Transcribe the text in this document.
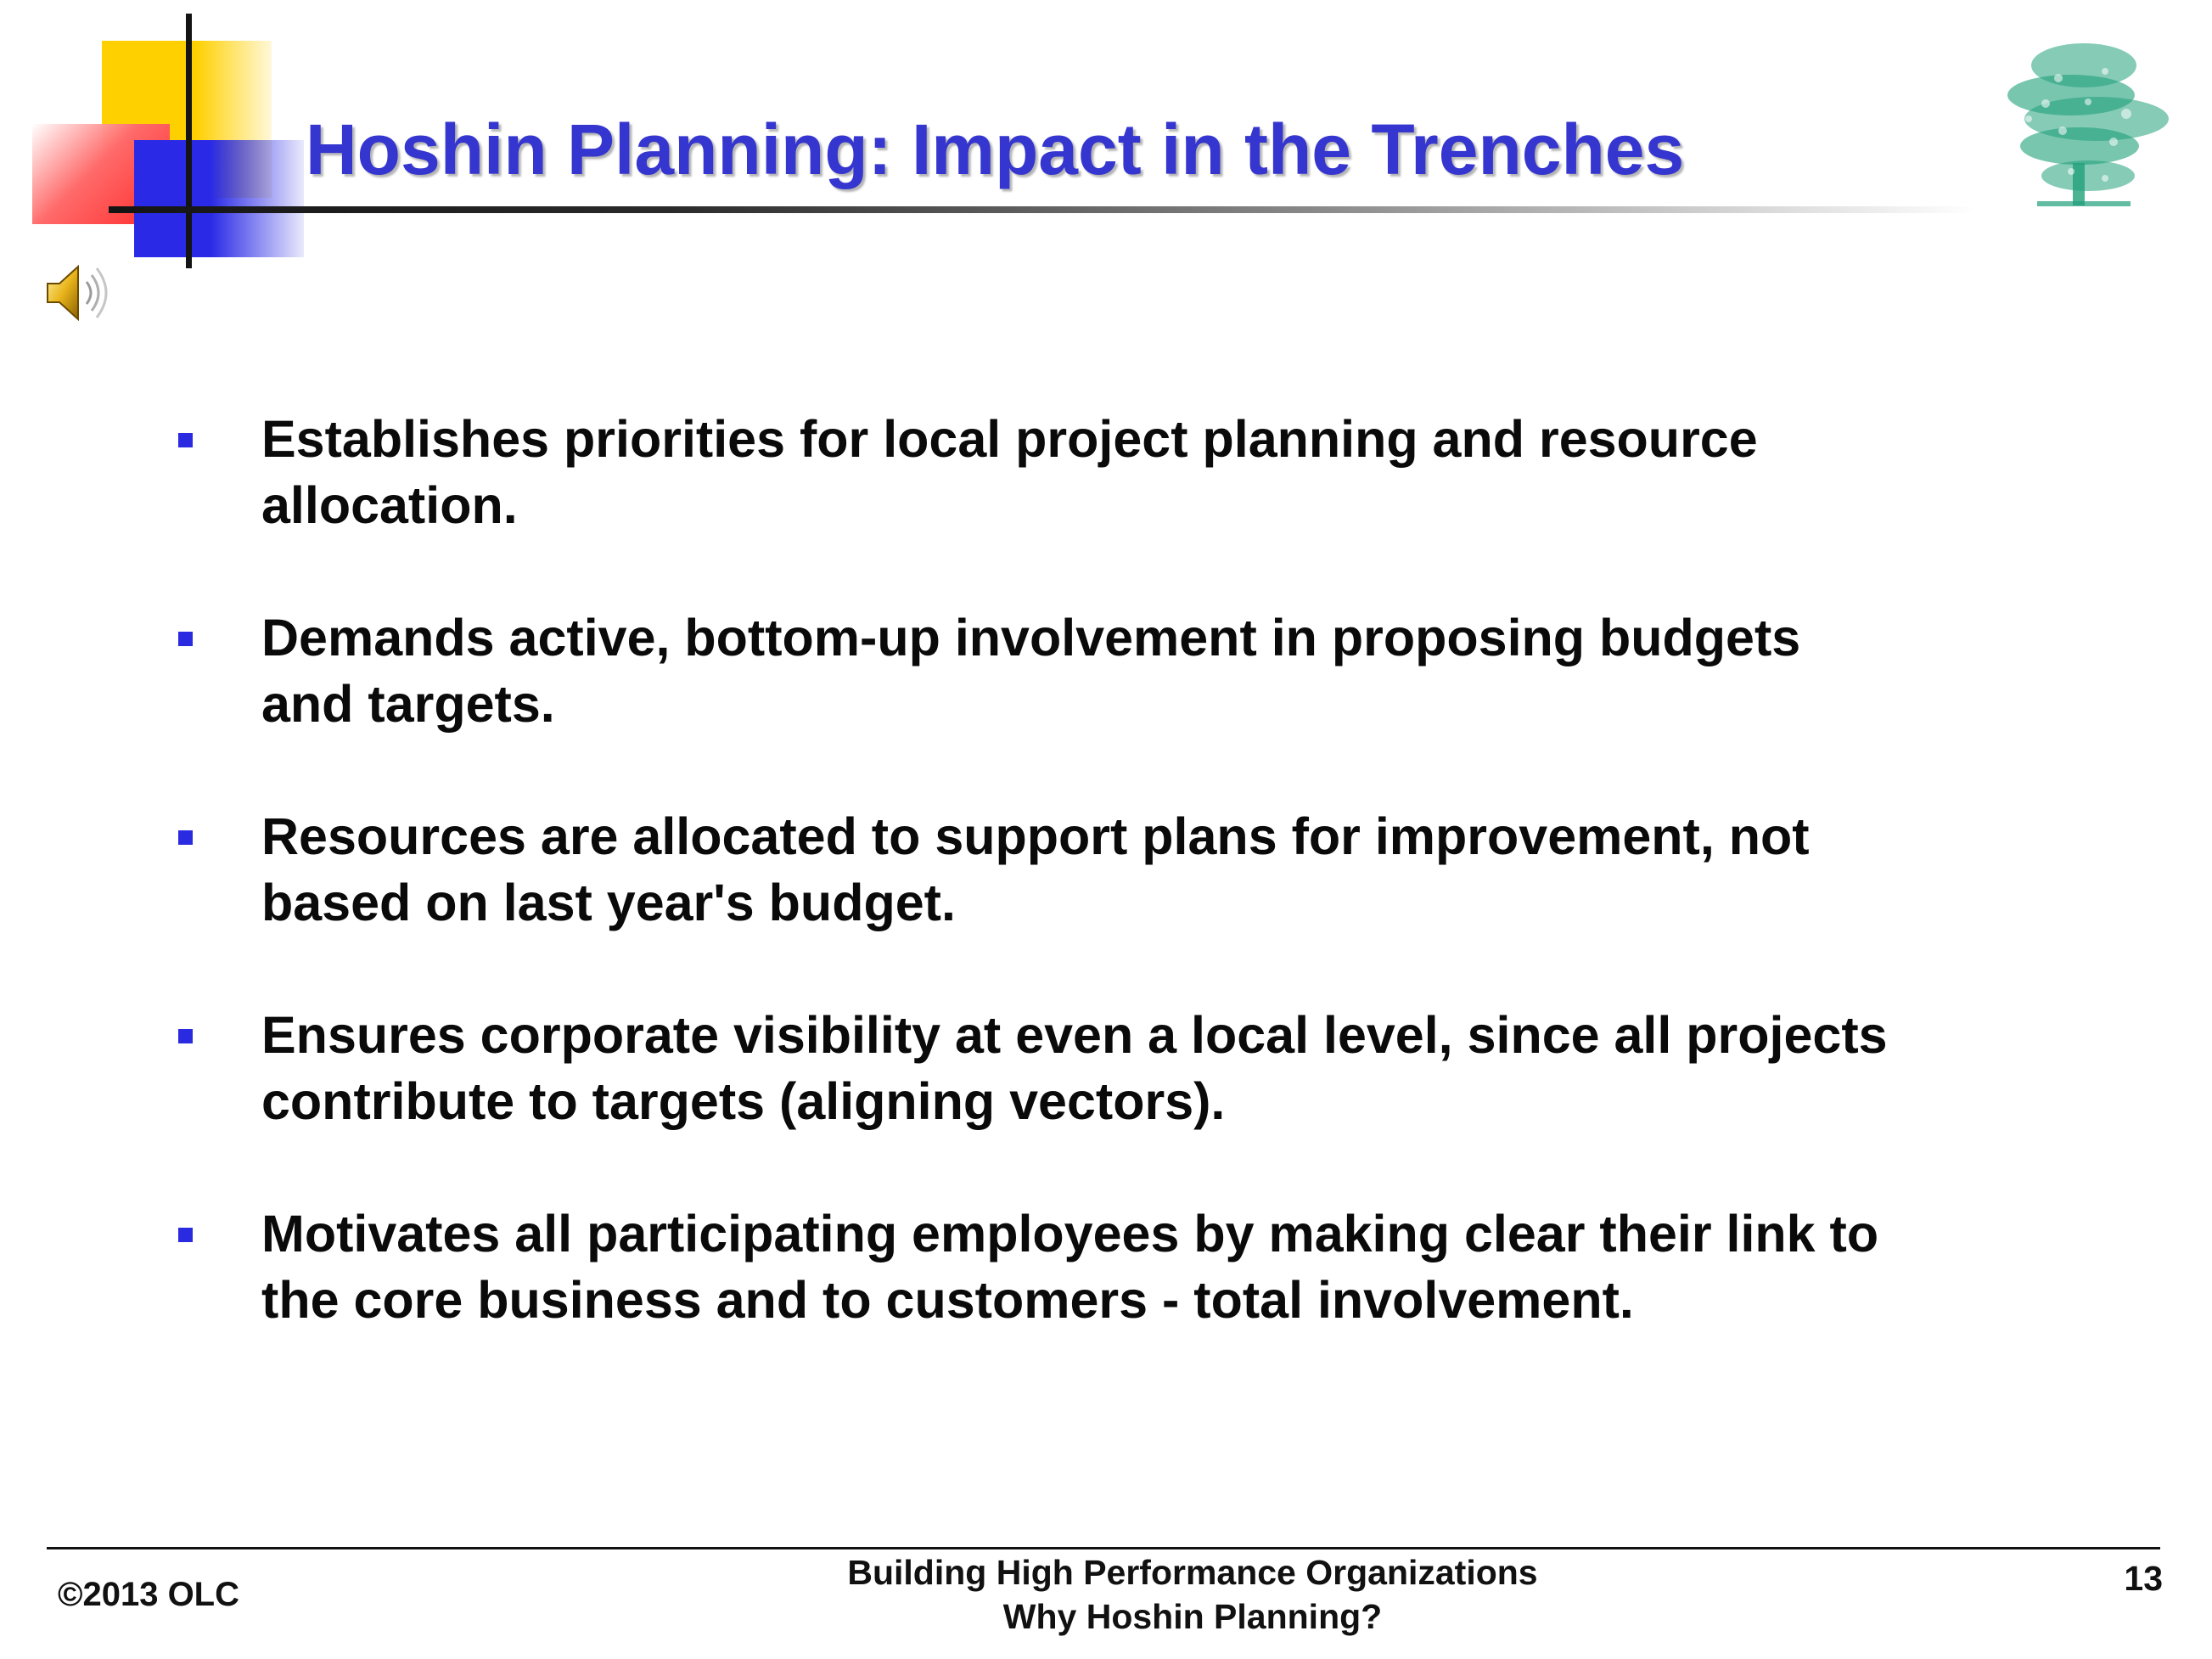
Hoshin Planning: Impact in the Trenches

Establishes priorities for local project planning and resource
allocation.

Demands active, bottom-up involvement in proposing budgets
and targets.

Resources are allocated to support plans for improvement, not
based on last year's budget.

Ensures corporate visibility at even a local level, since all projects
contribute to targets (aligning vectors).

Motivates all participating employees by making clear their link to
the core business and to customers - total involvement.

©2013 OLC
Building High Performance Organizations
Why Hoshin Planning?
13
